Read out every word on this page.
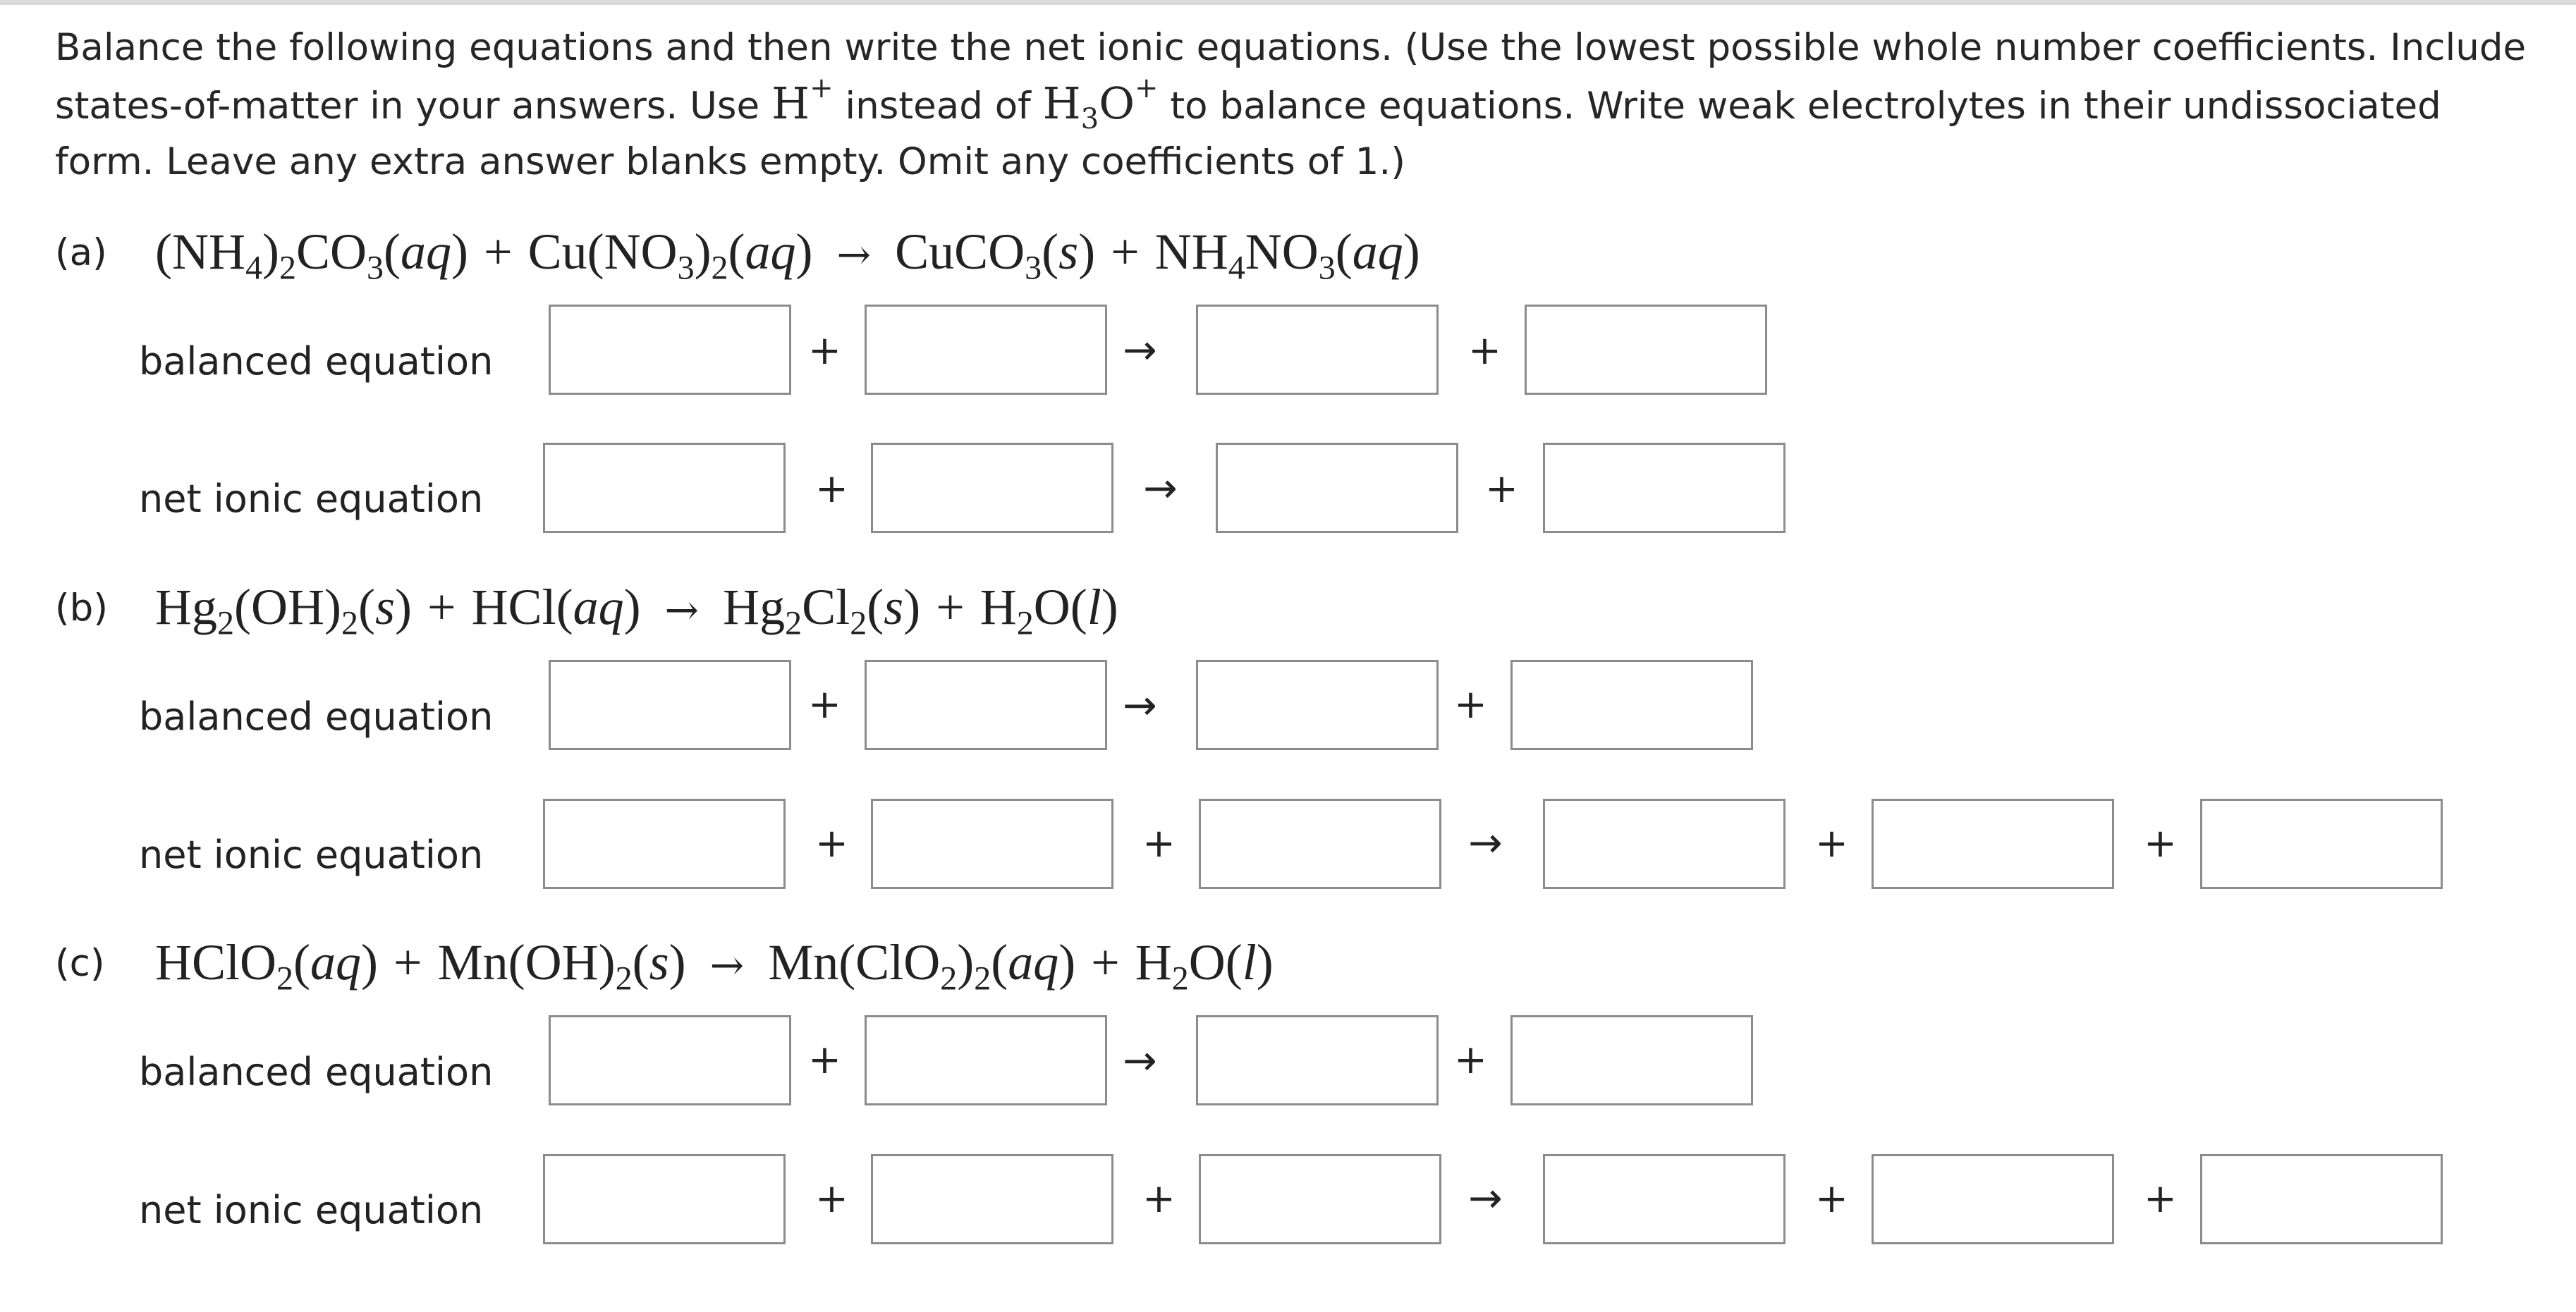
Balance the following equations and then write the net ionic equations. (Use the lowest possible whole number coefficients. Include states-of-matter in your answers. Use H+ instead of $H_3O^+$ to balance equations. Write weak electrolytes in their undissociated form. Leave any extra answer blanks empty. Omit any coefficients of 1.)
(a) $(NH_4)_2CO_3(aq) + Cu(NO_3)_2(aq)$ → CuCO$_3$(s) + $NH_4NO_3(aq)$
balanced equation	+	→	+
net ionic equation	+	→	+
(b) $Hg_2(OH)_2(s) + HCl(aq) \to Hg_2Cl_2(s) + H_2O(l)$
balanced equation	+	→	+
net ionic equation	+	+	→	+	+
(c) HClO$_2$(aq) + $Mn(OH)_2(s) \to Mn(ClO_2)_2(aq) + H_2O(l)$
balanced equation	+	→	+
net ionic equation	+	+	→	+	+
